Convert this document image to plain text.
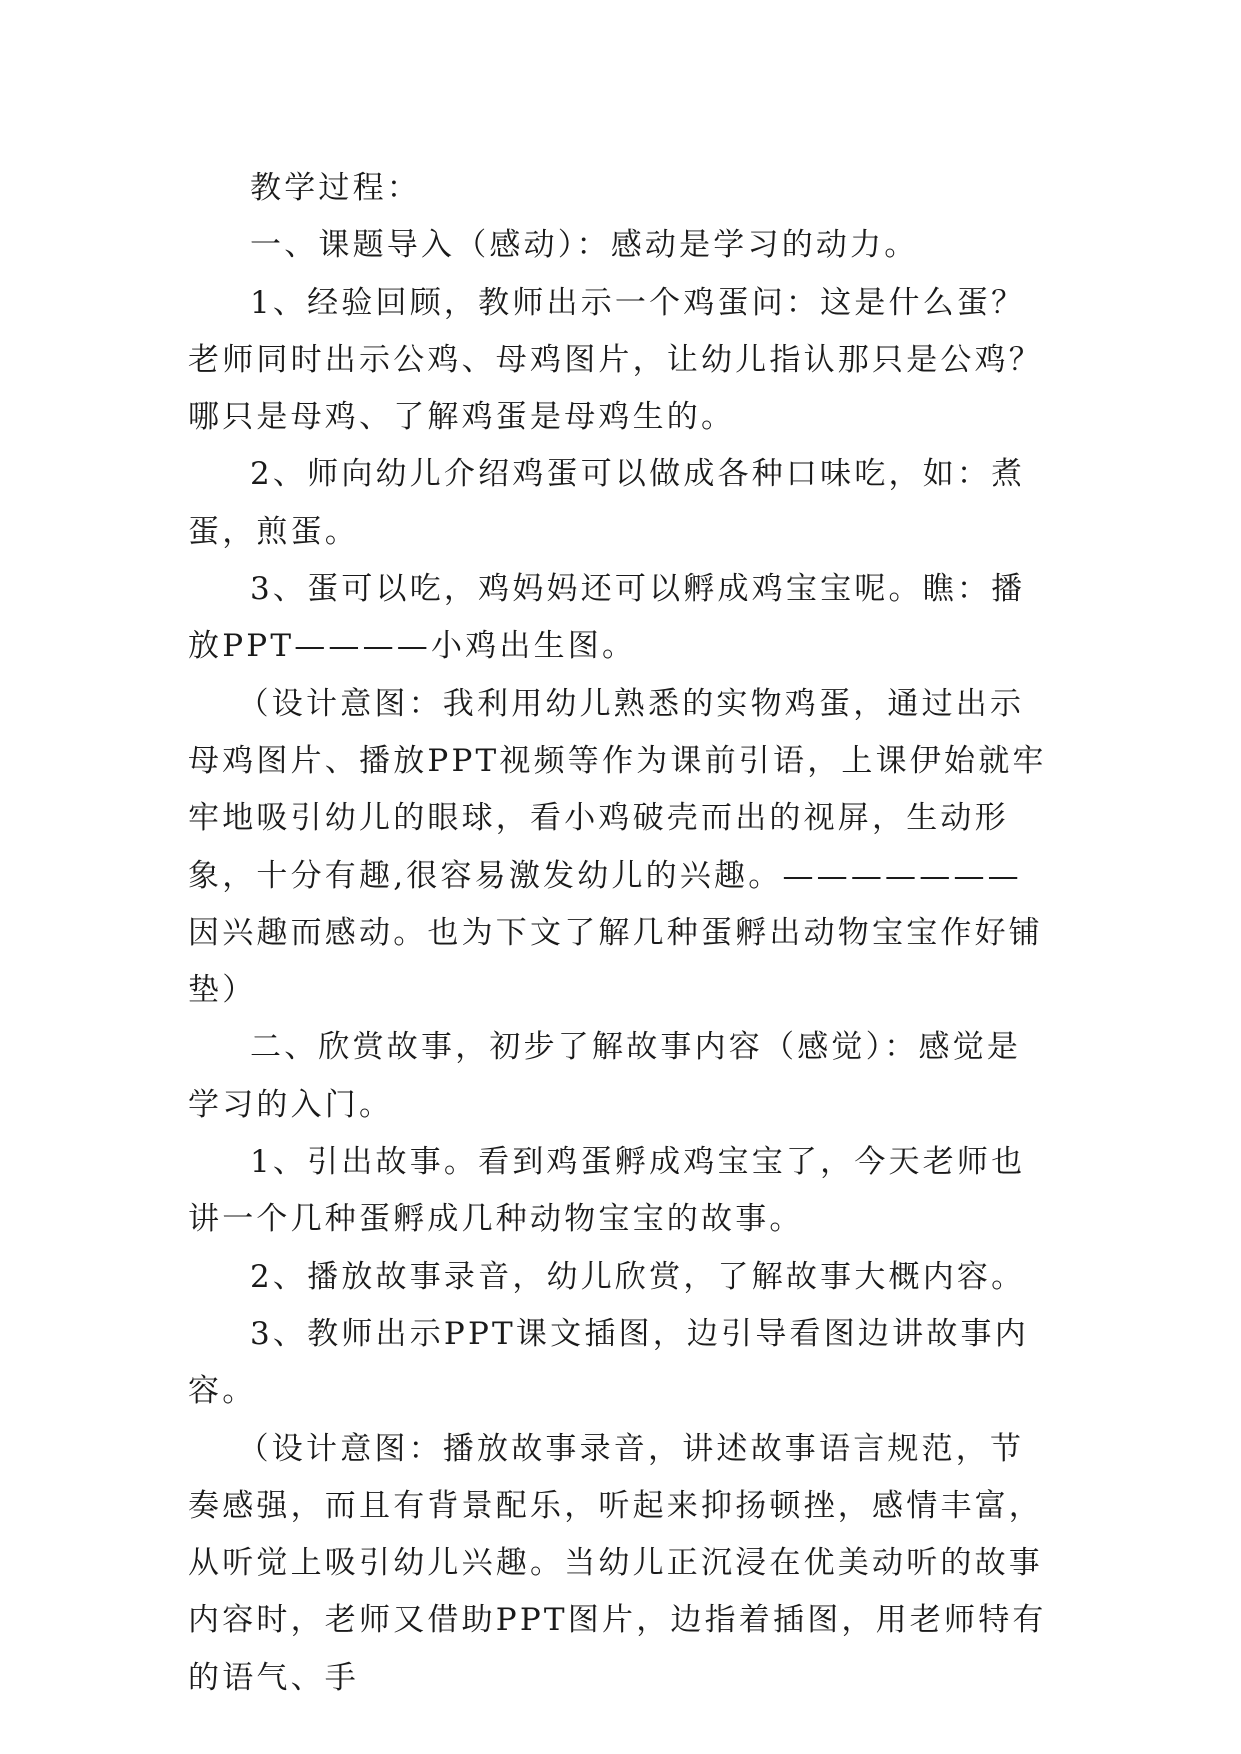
教学过程：

一、课题导入（感动）：感动是学习的动力。

1、经验回顾，教师出示一个鸡蛋问：这是什么蛋？老师同时出示公鸡、母鸡图片，让幼儿指认那只是公鸡？哪只是母鸡、了解鸡蛋是母鸡生的。

2、师向幼儿介绍鸡蛋可以做成各种口味吃，如：煮蛋，煎蛋。

3、蛋可以吃，鸡妈妈还可以孵成鸡宝宝呢。瞧：播放PPT————小鸡出生图。

（设计意图：我利用幼儿熟悉的实物鸡蛋，通过出示母鸡图片、播放PPT视频等作为课前引语，上课伊始就牢牢地吸引幼儿的眼球，看小鸡破壳而出的视屏，生动形象，十分有趣,很容易激发幼儿的兴趣。———————因兴趣而感动。也为下文了解几种蛋孵出动物宝宝作好铺垫）

二、欣赏故事，初步了解故事内容（感觉）：感觉是学习的入门。

1、引出故事。看到鸡蛋孵成鸡宝宝了，今天老师也讲一个几种蛋孵成几种动物宝宝的故事。

2、播放故事录音，幼儿欣赏，了解故事大概内容。

3、教师出示PPT课文插图，边引导看图边讲故事内容。

（设计意图：播放故事录音，讲述故事语言规范，节奏感强，而且有背景配乐，听起来抑扬顿挫，感情丰富，从听觉上吸引幼儿兴趣。当幼儿正沉浸在优美动听的故事内容时，老师又借助PPT图片，边指着插图，用老师特有的语气、手
